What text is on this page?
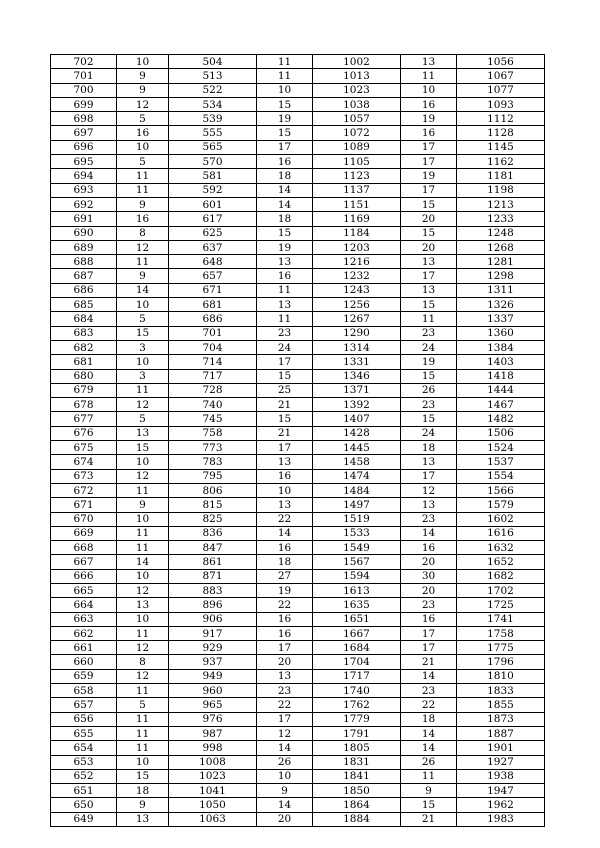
702	10	504	11	1002	13	1056
701	9	513	11	1013	11	1067
700	9	522	10	1023	10	1077
699	12	534	15	1038	16	1093
698	5	539	19	1057	19	1112
697	16	555	15	1072	16	1128
696	10	565	17	1089	17	1145
695	5	570	16	1105	17	1162
694	11	581	18	1123	19	1181
693	11	592	14	1137	17	1198
692	9	601	14	1151	15	1213
691	16	617	18	1169	20	1233
690	8	625	15	1184	15	1248
689	12	637	19	1203	20	1268
688	11	648	13	1216	13	1281
687	9	657	16	1232	17	1298
686	14	671	11	1243	13	1311
685	10	681	13	1256	15	1326
684	5	686	11	1267	11	1337
683	15	701	23	1290	23	1360
682	3	704	24	1314	24	1384
681	10	714	17	1331	19	1403
680	3	717	15	1346	15	1418
679	11	728	25	1371	26	1444
678	12	740	21	1392	23	1467
677	5	745	15	1407	15	1482
676	13	758	21	1428	24	1506
675	15	773	17	1445	18	1524
674	10	783	13	1458	13	1537
673	12	795	16	1474	17	1554
672	11	806	10	1484	12	1566
671	9	815	13	1497	13	1579
670	10	825	22	1519	23	1602
669	11	836	14	1533	14	1616
668	11	847	16	1549	16	1632
667	14	861	18	1567	20	1652
666	10	871	27	1594	30	1682
665	12	883	19	1613	20	1702
664	13	896	22	1635	23	1725
663	10	906	16	1651	16	1741
662	11	917	16	1667	17	1758
661	12	929	17	1684	17	1775
660	8	937	20	1704	21	1796
659	12	949	13	1717	14	1810
658	11	960	23	1740	23	1833
657	5	965	22	1762	22	1855
656	11	976	17	1779	18	1873
655	11	987	12	1791	14	1887
654	11	998	14	1805	14	1901
653	10	1008	26	1831	26	1927
652	15	1023	10	1841	11	1938
651	18	1041	9	1850	9	1947
650	9	1050	14	1864	15	1962
649	13	1063	20	1884	21	1983
